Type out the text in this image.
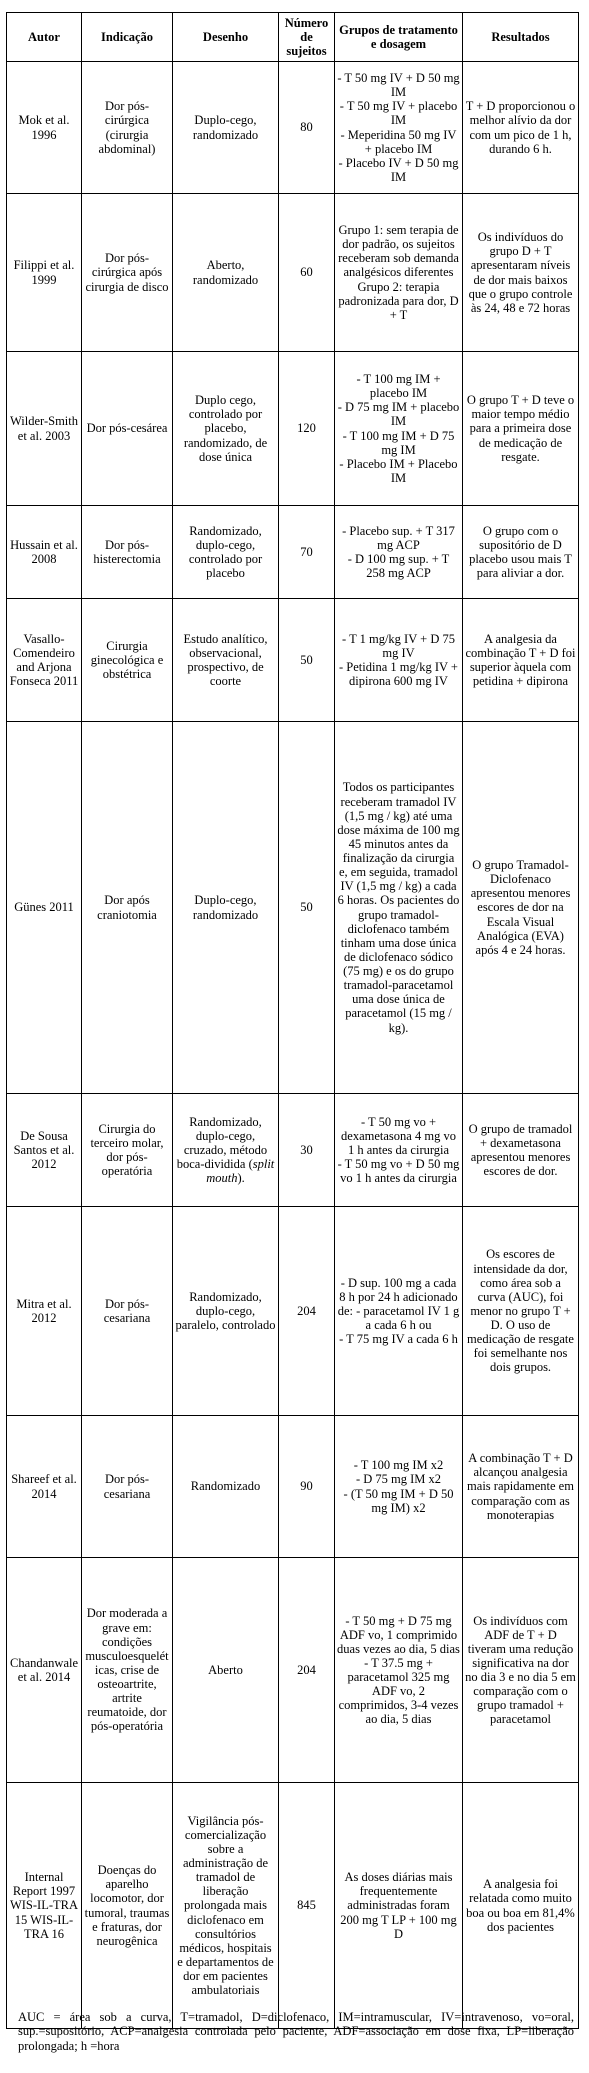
Autor	Indicação	Desenho	Número de sujeitos	Grupos de tratamento e dosagem	Resultados
Mok et al. 1996	Dor pós-cirúrgica (cirurgia abdominal)	Duplo-cego, randomizado	80	- T 50 mg IV + D 50 mg IM
- T 50 mg IV + placebo IM
- Meperidina 50 mg IV + placebo IM
- Placebo IV + D 50 mg IM	T + D proporcionou o melhor alívio da dor com um pico de 1 h, durando 6 h.
Filippi et al. 1999	Dor pós-cirúrgica após cirurgia de disco	Aberto, randomizado	60	Grupo 1: sem terapia de dor padrão, os sujeitos receberam sob demanda analgésicos diferentes
Grupo 2: terapia padronizada para dor, D + T	Os indivíduos do grupo D + T apresentaram níveis de dor mais baixos que o grupo controle às 24, 48 e 72 horas
Wilder-Smith et al. 2003	Dor pós-cesárea	Duplo cego, controlado por placebo, randomizado, de dose única	120	- T 100 mg IM + placebo IM
- D 75 mg IM + placebo IM
- T 100 mg IM + D 75 mg IM
- Placebo IM + Placebo IM	O grupo T + D teve o maior tempo médio para a primeira dose de medicação de resgate.
Hussain et al. 2008	Dor pós-histerectomia	Randomizado, duplo-cego, controlado por placebo	70	- Placebo sup. + T 317 mg ACP
- D 100 mg sup. + T 258 mg ACP	O grupo com o supositório de D placebo usou mais T para aliviar a dor.
Vasallo-Comendeiro and Arjona Fonseca 2011	Cirurgia ginecológica e obstétrica	Estudo analítico, observacional, prospectivo, de coorte	50	- T 1 mg/kg IV + D 75 mg IV
- Petidina 1 mg/kg IV + dipirona 600 mg IV	A analgesia da combinação T + D foi superior àquela com petidina + dipirona
Günes 2011	Dor após craniotomia	Duplo-cego, randomizado	50	Todos os participantes receberam tramadol IV (1,5 mg / kg) até uma dose máxima de 100 mg 45 minutos antes da finalização da cirurgia e, em seguida, tramadol IV (1,5 mg / kg) a cada 6 horas. Os pacientes do grupo tramadol-diclofenaco também tinham uma dose única de diclofenaco sódico (75 mg) e os do grupo tramadol-paracetamol uma dose única de paracetamol (15 mg / kg).	O grupo Tramadol-Diclofenaco apresentou menores escores de dor na Escala Visual Analógica (EVA) após 4 e 24 horas.
De Sousa Santos et al. 2012	Cirurgia do terceiro molar, dor pós-operatória	Randomizado, duplo-cego, cruzado, método boca-dividida (split mouth).	30	- T 50 mg vo + dexametasona 4 mg vo 1 h antes da cirurgia
- T 50 mg vo + D 50 mg vo 1 h antes da cirurgia	O grupo de tramadol + dexametasona apresentou menores escores de dor.
Mitra et al. 2012	Dor pós-cesariana	Randomizado, duplo-cego, paralelo, controlado	204	- D sup. 100 mg a cada 8 h por 24 h adicionado de: - paracetamol IV 1 g a cada 6 h ou
- T 75 mg IV a cada 6 h	Os escores de intensidade da dor, como área sob a curva (AUC), foi menor no grupo T + D. O uso de medicação de resgate foi semelhante nos dois grupos.
Shareef et al. 2014	Dor pós-cesariana	Randomizado	90	- T 100 mg IM x2
- D 75 mg IM x2
- (T 50 mg IM + D 50 mg IM) x2	A combinação T + D alcançou analgesia mais rapidamente em comparação com as monoterapias
Chandanwale et al. 2014	Dor moderada a grave em: condições musculoesqueléticas, crise de osteoartrite, artrite reumatoide, dor pós-operatória	Aberto	204	- T 50 mg + D 75 mg ADF vo, 1 comprimido duas vezes ao dia, 5 dias
- T 37.5 mg + paracetamol 325 mg ADF vo, 2 comprimidos, 3-4 vezes ao dia, 5 dias	Os indivíduos com ADF de T + D tiveram uma redução significativa na dor no dia 3 e no dia 5 em comparação com o grupo tramadol + paracetamol
Internal Report 1997 WIS-IL-TRA 15 WIS-IL-TRA 16	Doenças do aparelho locomotor, dor tumoral, traumas e fraturas, dor neurogênica	Vigilância pós-comercialização sobre a administração de tramadol de liberação prolongada mais diclofenaco em consultórios médicos, hospitais e departamentos de dor em pacientes ambulatoriais	845	As doses diárias mais frequentemente administradas foram 200 mg T LP + 100 mg D	A analgesia foi relatada como muito boa ou boa em 81,4% dos pacientes
AUC = área sob a curva, T=tramadol, D=diclofenaco, IM=intramuscular, IV=intravenoso, vo=oral, sup.=supositório, ACP=analgesia controlada pelo paciente, ADF=associação em dose fixa, LP=liberação prolongada; h =hora
